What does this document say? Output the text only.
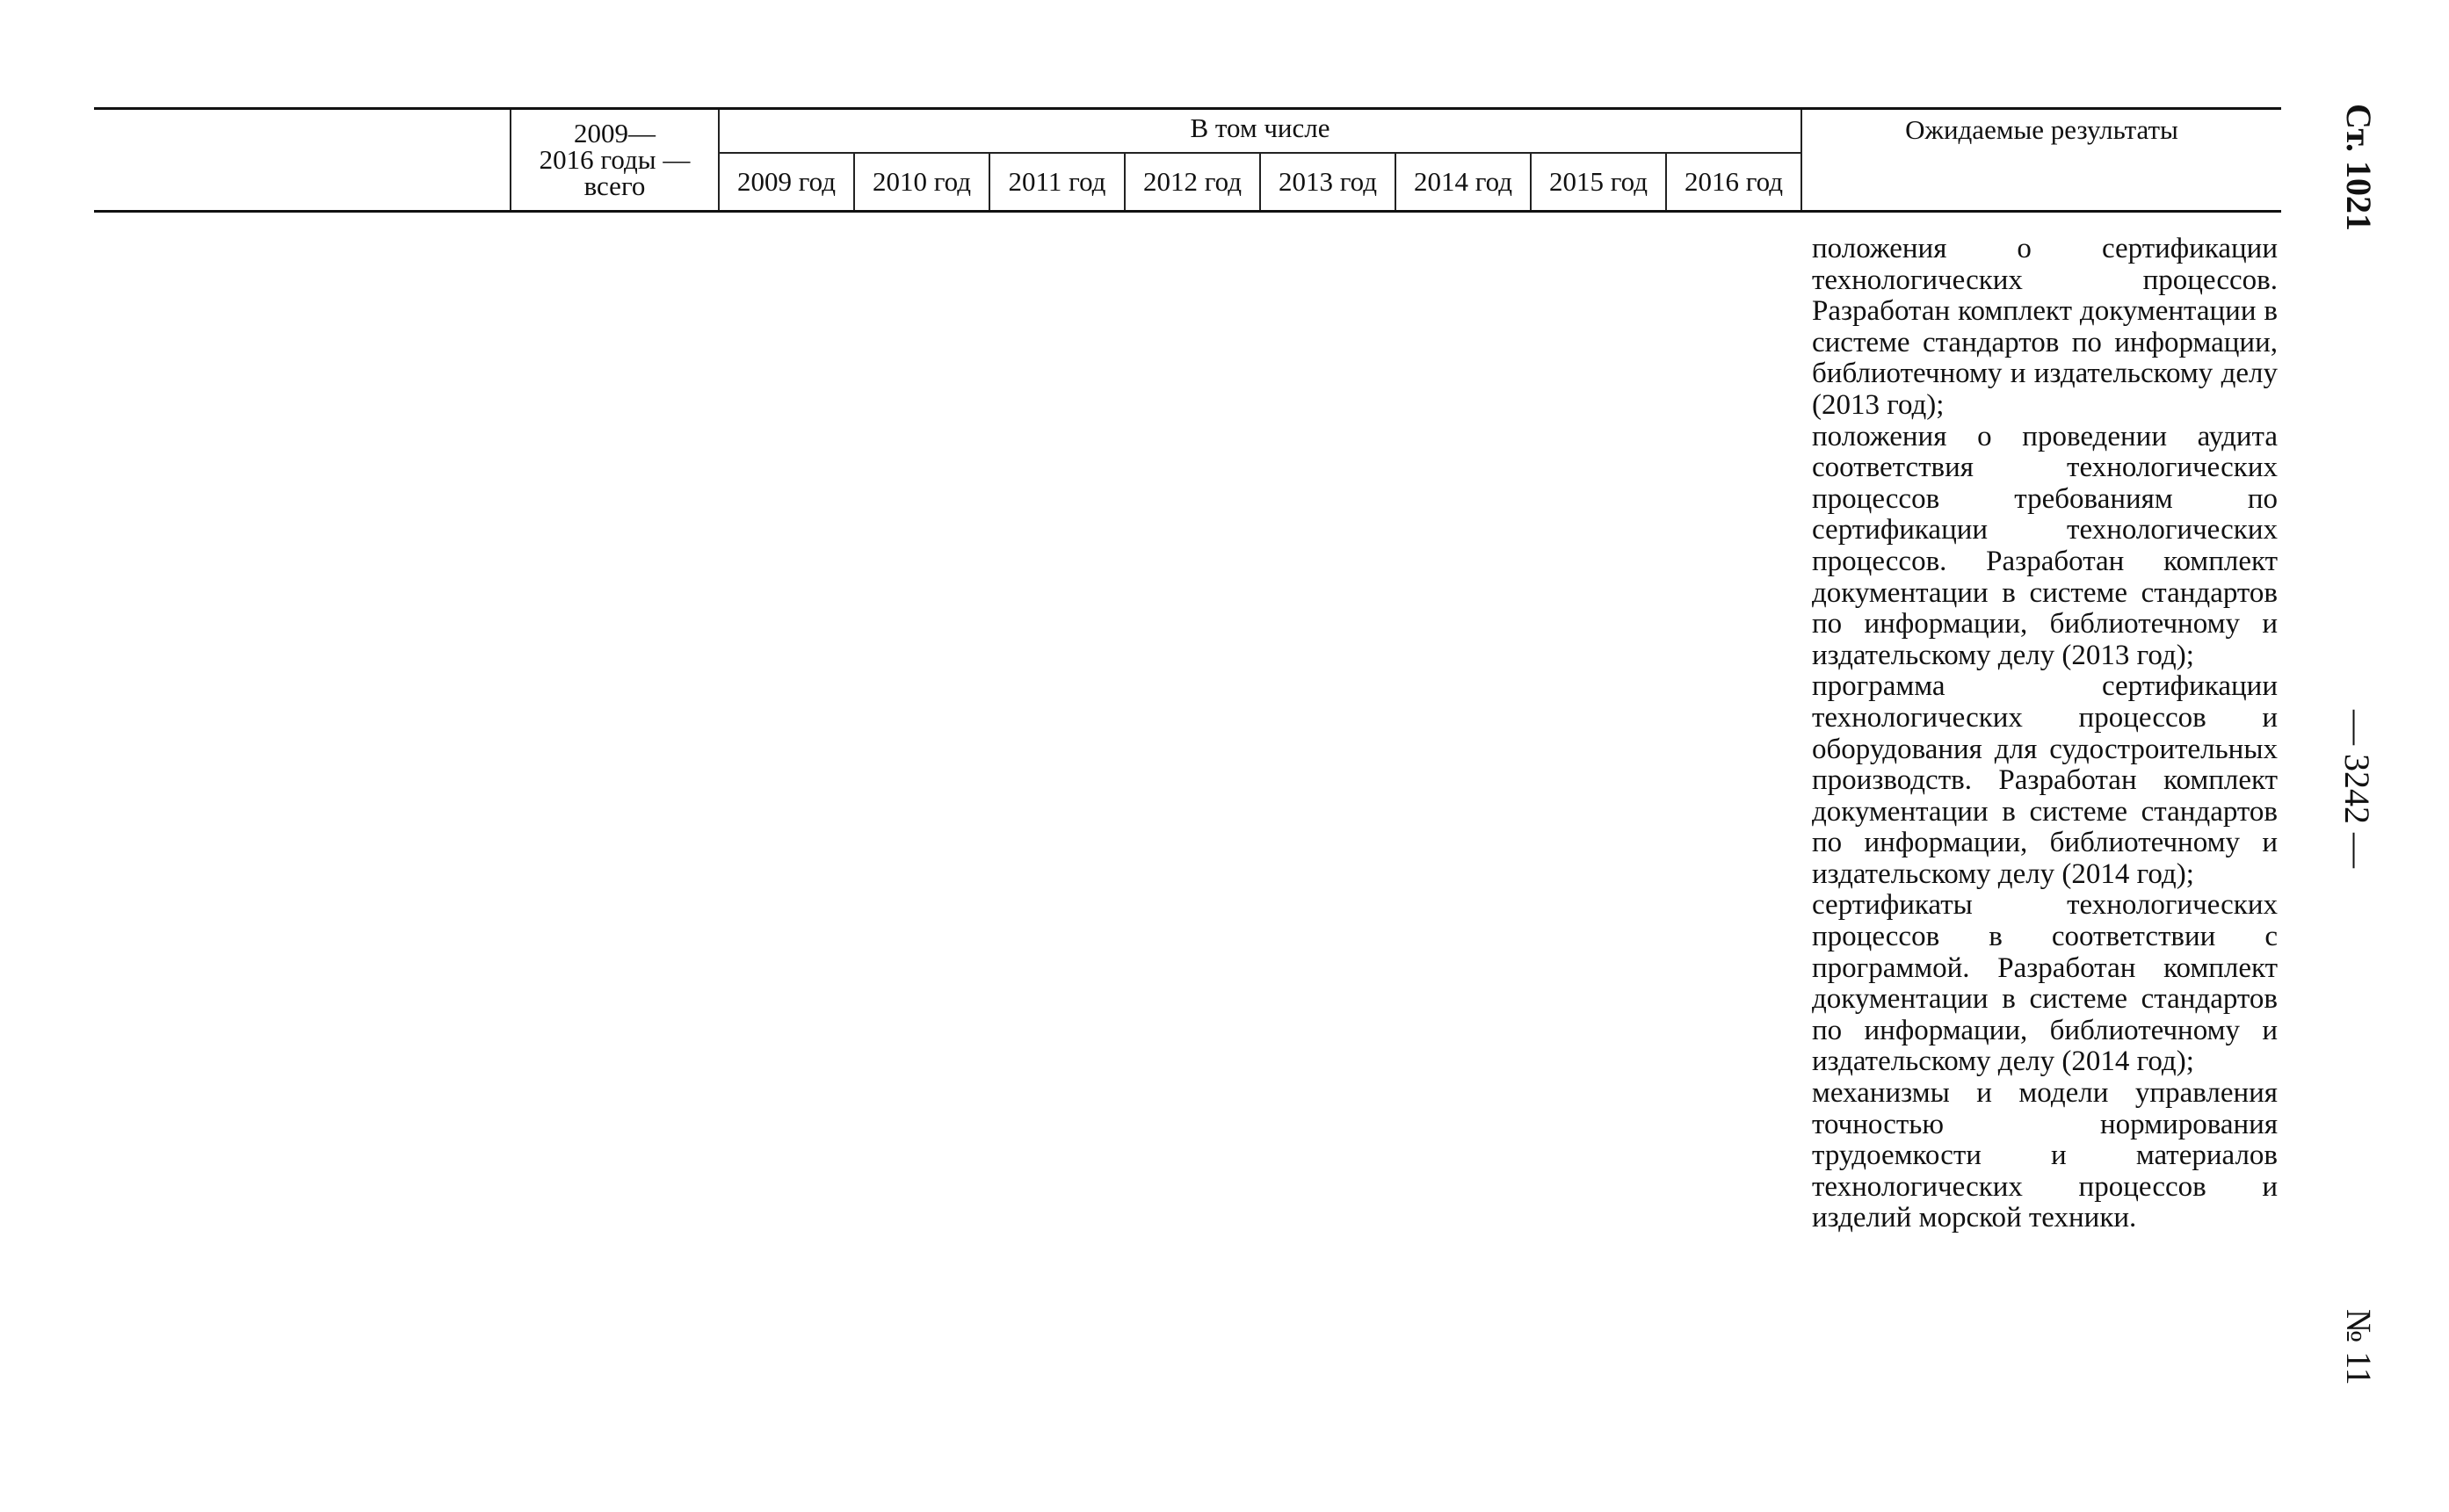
	2009—
2016 годы —
всего	В том числе								Ожидаемые результаты
		2009 год	2010 год	2011 год	2012 год	2013 год	2014 год	2015 год	2016 год	

положения о сертификации технологических процессов. Разработан комплект документации в системе стандартов по информации, библиотечному и издательскому делу (2013 год);

положения о проведении аудита соответствия технологических процессов требованиям по сертификации технологических процессов. Разработан комплект документации в системе стандартов по информации, библиотечному и издательскому делу (2013 год);

программа сертификации технологических процессов и оборудования для судостроительных производств. Разработан комплект документации в системе стандартов по информации, библиотечному и издательскому делу (2014 год);

сертификаты технологических процессов в соответствии с программой. Разработан комплект документации в системе стандартов по информации, библиотечному и издательскому делу (2014 год);

механизмы и модели управления точностью нормирования трудоемкости и материалов технологических процессов и изделий морской техники.

Ст. 1021
— 3242 —
№ 11
